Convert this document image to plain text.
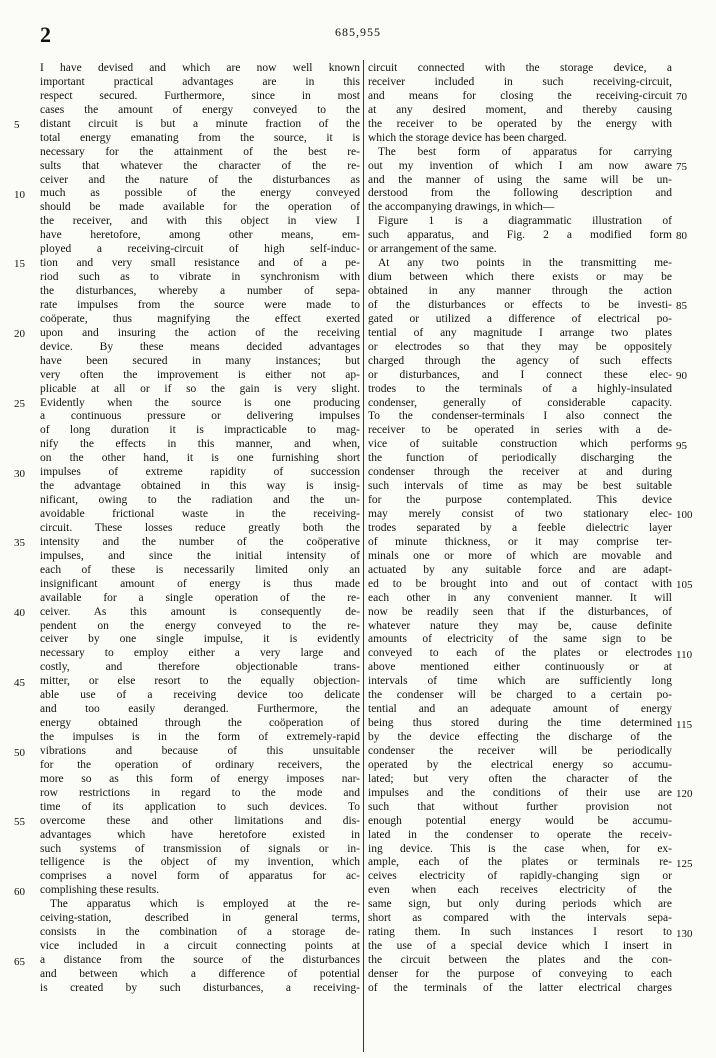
2	685,955
I have devised and which are now well known
important practical advantages are in this
respect secured. Furthermore, since in most
cases the amount of energy conveyed to the
distant circuit is but a minute fraction of the
total energy emanating from the source, it is
necessary for the attainment of the best re-
sults that whatever the character of the re-
ceiver and the nature of the disturbances as
much as possible of the energy conveyed
should be made available for the operation of
the receiver, and with this object in view I
have heretofore, among other means, em-
ployed a receiving-circuit of high self-induc-
tion and very small resistance and of a pe-
riod such as to vibrate in synchronism with
the disturbances, whereby a number of sepa-
rate impulses from the source were made to
coöperate, thus magnifying the effect exerted
upon and insuring the action of the receiving
device. By these means decided advantages
have been secured in many instances; but
very often the improvement is either not ap-
plicable at all or if so the gain is very slight.
Evidently when the source is one producing
a continuous pressure or delivering impulses
of long duration it is impracticable to mag-
nify the effects in this manner, and when,
on the other hand, it is one furnishing short
impulses of extreme rapidity of succession
the advantage obtained in this way is insig-
nificant, owing to the radiation and the un-
avoidable frictional waste in the receiving-
circuit. These losses reduce greatly both the
intensity and the number of the coöperative
impulses, and since the initial intensity of
each of these is necessarily limited only an
insignificant amount of energy is thus made
available for a single operation of the re-
ceiver. As this amount is consequently de-
pendent on the energy conveyed to the re-
ceiver by one single impulse, it is evidently
necessary to employ either a very large and
costly, and therefore objectionable trans-
mitter, or else resort to the equally objection-
able use of a receiving device too delicate
and too easily deranged. Furthermore, the
energy obtained through the coöperation of
the impulses is in the form of extremely-rapid
vibrations and because of this unsuitable
for the operation of ordinary receivers, the
more so as this form of energy imposes nar-
row restrictions in regard to the mode and
time of its application to such devices. To
overcome these and other limitations and dis-
advantages which have heretofore existed in
such systems of transmission of signals or in-
telligence is the object of my invention, which
comprises a novel form of apparatus for ac-
complishing these results.
The apparatus which is employed at the re-
ceiving-station, described in general terms,
consists in the combination of a storage de-
vice included in a circuit connecting points at
a distance from the source of the disturbances
and between which a difference of potential
is created by such disturbances, a receiving-
circuit connected with the storage device, a
receiver included in such receiving-circuit,
and means for closing the receiving-circuit
at any desired moment, and thereby causing
the receiver to be operated by the energy with
which the storage device has been charged.
The best form of apparatus for carrying
out my invention of which I am now aware
and the manner of using the same will be un-
derstood from the following description and
the accompanying drawings, in which—
Figure 1 is a diagrammatic illustration of
such apparatus, and Fig. 2 a modified form
or arrangement of the same.
At any two points in the transmitting me-
dium between which there exists or may be
obtained in any manner through the action
of the disturbances or effects to be investi-
gated or utilized a difference of electrical po-
tential of any magnitude I arrange two plates
or electrodes so that they may be oppositely
charged through the agency of such effects
or disturbances, and I connect these elec-
trodes to the terminals of a highly-insulated
condenser, generally of considerable capacity.
To the condenser-terminals I also connect the
receiver to be operated in series with a de-
vice of suitable construction which performs
the function of periodically discharging the
condenser through the receiver at and during
such intervals of time as may be best suitable
for the purpose contemplated. This device
may merely consist of two stationary elec-
trodes separated by a feeble dielectric layer
of minute thickness, or it may comprise ter-
minals one or more of which are movable and
actuated by any suitable force and are adapt-
ed to be brought into and out of contact with
each other in any convenient manner. It will
now be readily seen that if the disturbances, of
whatever nature they may be, cause definite
amounts of electricity of the same sign to be
conveyed to each of the plates or electrodes
above mentioned either continuously or at
intervals of time which are sufficiently long
the condenser will be charged to a certain po-
tential and an adequate amount of energy
being thus stored during the time determined
by the device effecting the discharge of the
condenser the receiver will be periodically
operated by the electrical energy so accumu-
lated; but very often the character of the
impulses and the conditions of their use are
such that without further provision not
enough potential energy would be accumu-
lated in the condenser to operate the receiv-
ing device. This is the case when, for ex-
ample, each of the plates or terminals re-
ceives electricity of rapidly-changing sign or
even when each receives electricity of the
same sign, but only during periods which are
short as compared with the intervals sepa-
rating them. In such instances I resort to
the use of a special device which I insert in
the circuit between the plates and the con-
denser for the purpose of conveying to each
of the terminals of the latter electrical charges
5
10
15
20
25
30
35
40
45
50
55
60
65
70
75
80
85
90
95
100
105
110
115
120
125
130
